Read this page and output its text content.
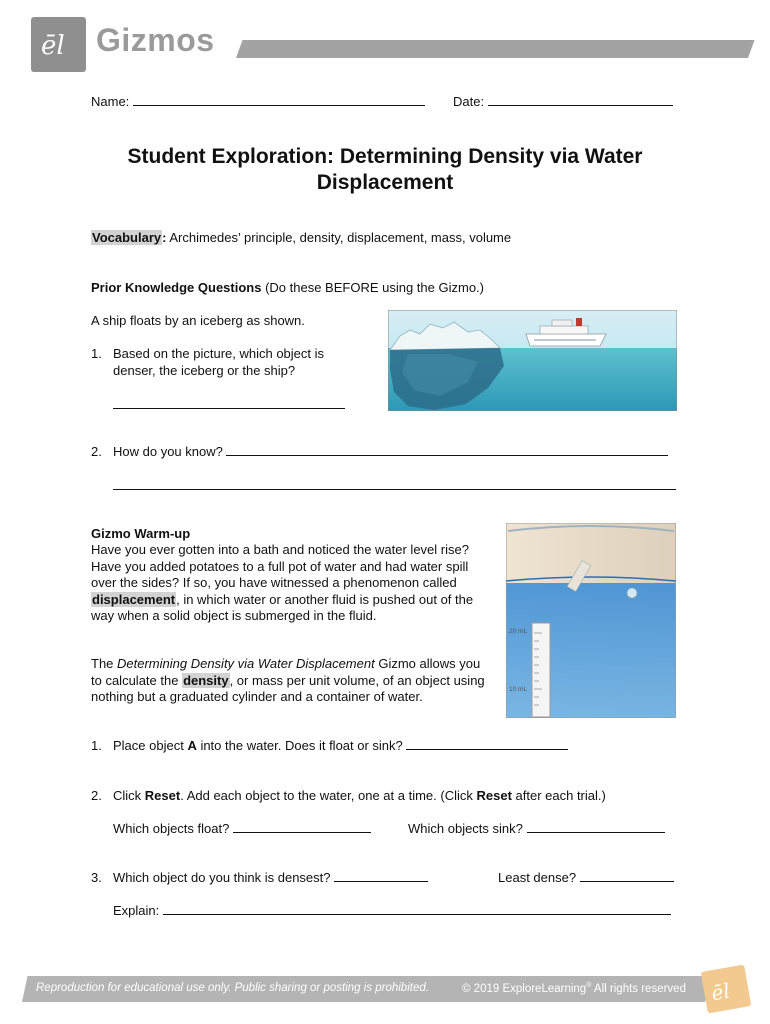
ēl Gizmos
Name:	Date:
Student Exploration: Determining Density via Water
Displacement
Vocabulary: Archimedes’ principle, density, displacement, mass, volume
Prior Knowledge Questions (Do these BEFORE using the Gizmo.)
A ship floats by an iceberg as shown.
1. Based on the picture, which object is
denser, the iceberg or the ship?
2. How do you know?
Gizmo Warm-up
Have you ever gotten into a bath and noticed the water level rise? Have you added potatoes to a full pot of water and had water spill over the sides? If so, you have witnessed a phenomenon called displacement, in which water or another fluid is pushed out of the way when a solid object is submerged in the fluid.
The Determining Density via Water Displacement Gizmo allows you to calculate the density, or mass per unit volume, of an object using nothing but a graduated cylinder and a container of water.
20 mL
10 mL
1. Place object A into the water. Does it float or sink?
2. Click Reset. Add each object to the water, one at a time. (Click Reset after each trial.)
Which objects float?	Which objects sink?
3. Which object do you think is densest?	Least dense?
Explain:
Reproduction for educational use only. Public sharing or posting is prohibited.	© 2019 ExploreLearning® All rights reserved ēl
